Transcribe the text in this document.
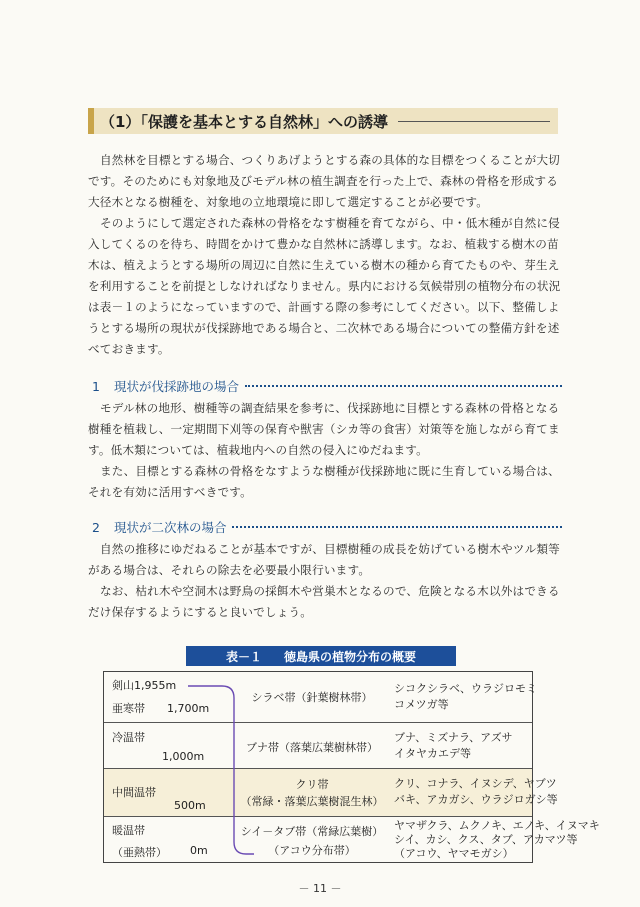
（1）「保護を基本とする自然林」への誘導
自然林を目標とする場合、つくりあげようとする森の具体的な目標をつくることが大切
です。そのためにも対象地及びモデル林の植生調査を行った上で、森林の骨格を形成する
大径木となる樹種を、対象地の立地環境に即して選定することが必要です。
そのようにして選定された森林の骨格をなす樹種を育てながら、中・低木種が自然に侵
入してくるのを待ち、時間をかけて豊かな自然林に誘導します。なお、植栽する樹木の苗
木は、植えようとする場所の周辺に自然に生えている樹木の種から育てたものや、芽生え
を利用することを前提としなければなりません。県内における気候帯別の植物分布の状況
は表－１のようになっていますので、計画する際の参考にしてください。以下、整備しよ
うとする場所の現状が伐採跡地である場合と、二次林である場合についての整備方針を述
べておきます。
1 現状が伐採跡地の場合
モデル林の地形、樹種等の調査結果を参考に、伐採跡地に目標とする森林の骨格となる
樹種を植栽し、一定期間下刈等の保育や獣害（シカ等の食害）対策等を施しながら育てま
す。低木類については、植栽地内への自然の侵入にゆだねます。
また、目標とする森林の骨格をなすような樹種が伐採跡地に既に生育している場合は、
それを有効に活用すべきです。
2 現状が二次林の場合
自然の推移にゆだねることが基本ですが、目標樹種の成長を妨げている樹木やツル類等
がある場合は、それらの除去を必要最小限行います。
なお、枯れ木や空洞木は野鳥の採餌木や営巣木となるので、危険となる木以外はできる
だけ保存するようにすると良いでしょう。
表－１ 徳島県の植物分布の概要
剣山1,955m
亜寒帯　　1,700m
シラベ帯（針葉樹林帯）
シコクシラベ、ウラジロモミ
コメツガ等
冷温帯
1,000m
ブナ帯（落葉広葉樹林帯）
ブナ、ミズナラ、アズサ
イタヤカエデ等
中間温帯
500m
クリ帯
（常緑・落葉広葉樹混生林）
クリ、コナラ、イヌシデ、ヤブツ
バキ、アカガシ、ウラジロガシ等
暖温帯
（亜熱帯） 0m
シイ－タブ帯（常緑広葉樹）
（アコウ分布帯）
ヤマザクラ、ムクノキ、エノキ、イヌマキ
シイ、カシ、クス、タブ、アカマツ等
（アコウ、ヤマモガシ）
－ 11 －
